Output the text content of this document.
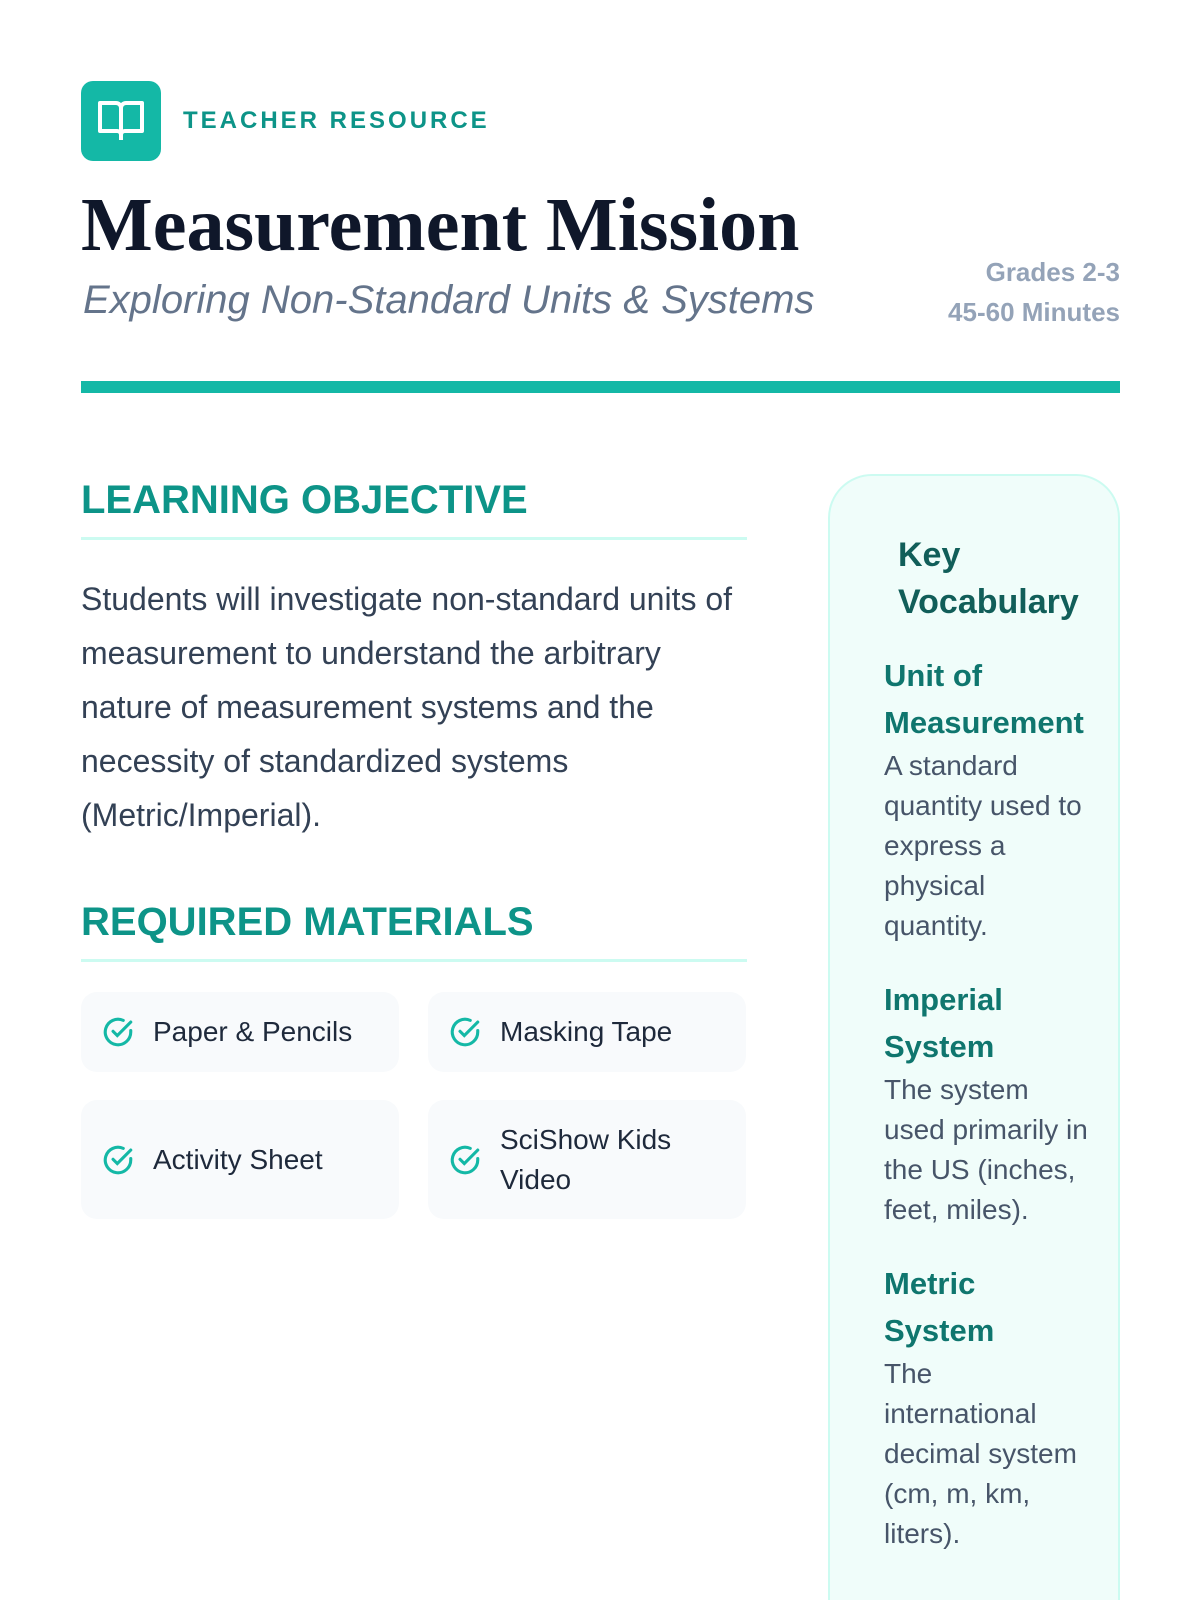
TEACHER RESOURCE
Measurement Mission
Exploring Non-Standard Units & Systems
Grades 2-3
45-60 Minutes
LEARNING OBJECTIVE

Students will investigate non-standard units of measurement to understand the arbitrary nature of measurement systems and the necessity of standardized systems (Metric/Imperial).

REQUIRED MATERIALS
Paper & Pencils	Masking Tape
Activity Sheet
SciShow Kids Video
Key Vocabulary
Unit of Measurement
A standard quantity used to express a physical quantity.
Imperial System
The system used primarily in the US (inches, feet, miles).
Metric System
The international decimal system (cm, m, km, liters).
